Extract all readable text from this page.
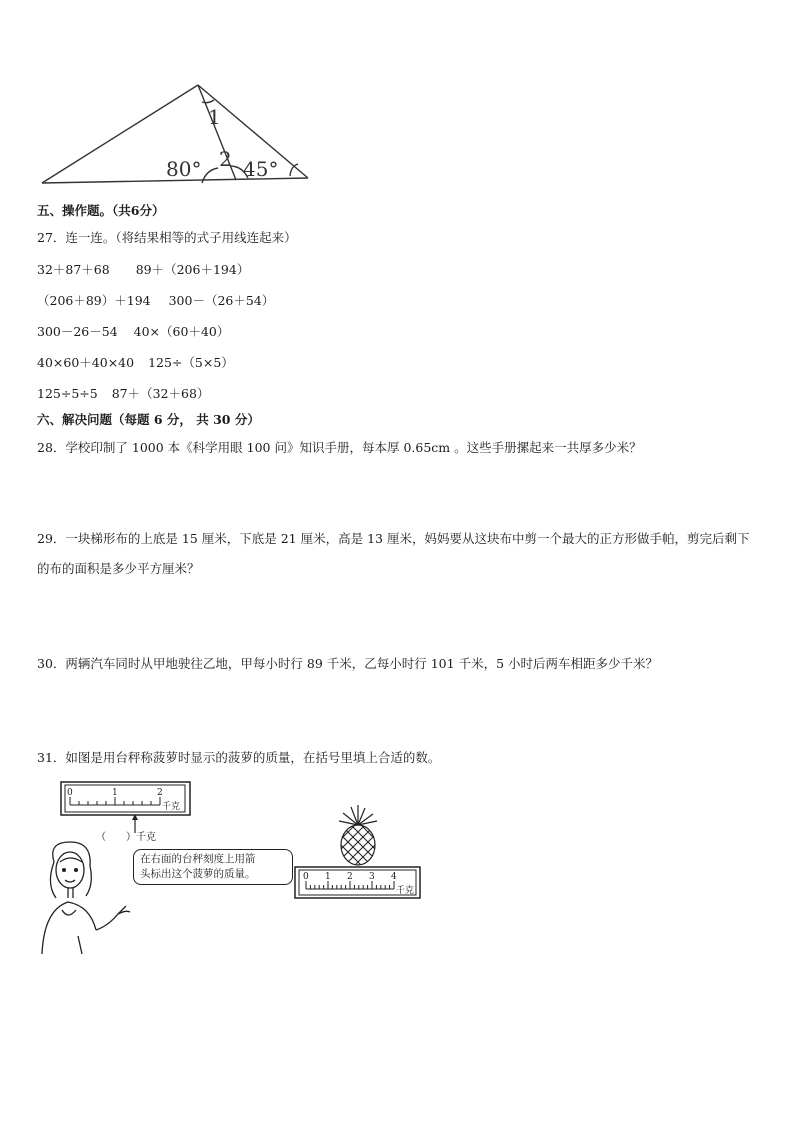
1
80° 2 45°
五、操作题。（共6分）
27．连一连。（将结果相等的式子用线连起来）
32＋87＋68 89＋（206＋194）
（206＋89）＋194 300－（26＋54）
300－26－54 40×（60＋40）
40×60＋40×40 125÷（5×5）
125÷5÷5 87＋（32＋68）
六、解决问题（每题 6 分， 共 30 分）
28．学校印制了 1000 本《科学用眼 100 问》知识手册，每本厚 0.65cm 。这些手册摞起来一共厚多少米？
29．一块梯形布的上底是 15 厘米，下底是 21 厘米，高是 13 厘米，妈妈要从这块布中剪一个最大的正方形做手帕，剪完后剩下的布的面积是多少平方厘米？
30．两辆汽车同时从甲地驶往乙地，甲每小时行 89 千米，乙每小时行 101 千米，5 小时后两车相距多少千米？
31．如图是用台秤称菠萝时显示的菠萝的质量，在括号里填上合适的数。
0	1	2
千克
（　　）千克
在右面的台秤刻度上用箭
头标出这个菠萝的质量。	0 1 2 3 4
千克
